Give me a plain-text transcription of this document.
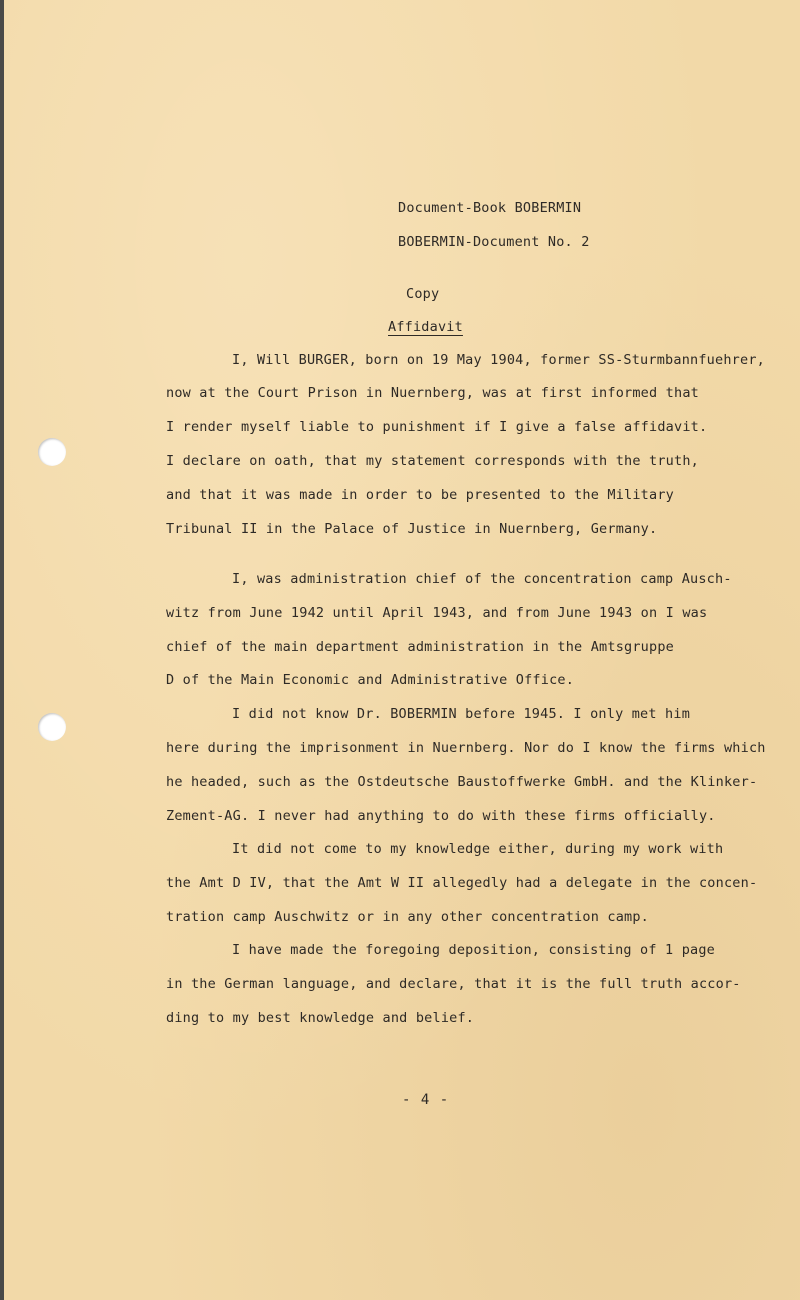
Document-Book BOBERMIN
BOBERMIN-Document No. 2
Copy
Affidavit
I, Will BURGER, born on 19 May 1904, former SS-Sturmbannfuehrer,
now at the Court Prison in Nuernberg, was at first informed that
I render myself liable to punishment if I give a false affidavit.
I declare on oath, that my statement corresponds with the truth,
and that it was made in order to be presented to the Military
Tribunal II in the Palace of Justice in Nuernberg, Germany.
I, was administration chief of the concentration camp Ausch-
witz from June 1942 until April 1943, and from June 1943 on I was
chief of the main department administration in the Amtsgruppe
D of the Main Economic and Administrative Office.
I did not know Dr. BOBERMIN before 1945. I only met him
here during the imprisonment in Nuernberg. Nor do I know the firms which
he headed, such as the Ostdeutsche Baustoffwerke GmbH. and the Klinker-
Zement-AG. I never had anything to do with these firms officially.
It did not come to my knowledge either, during my work with
the Amt D IV, that the Amt W II allegedly had a delegate in the concen-
tration camp Auschwitz or in any other concentration camp.
I have made the foregoing deposition, consisting of 1 page
in the German language, and declare, that it is the full truth accor-
ding to my best knowledge and belief.
- 4 -
